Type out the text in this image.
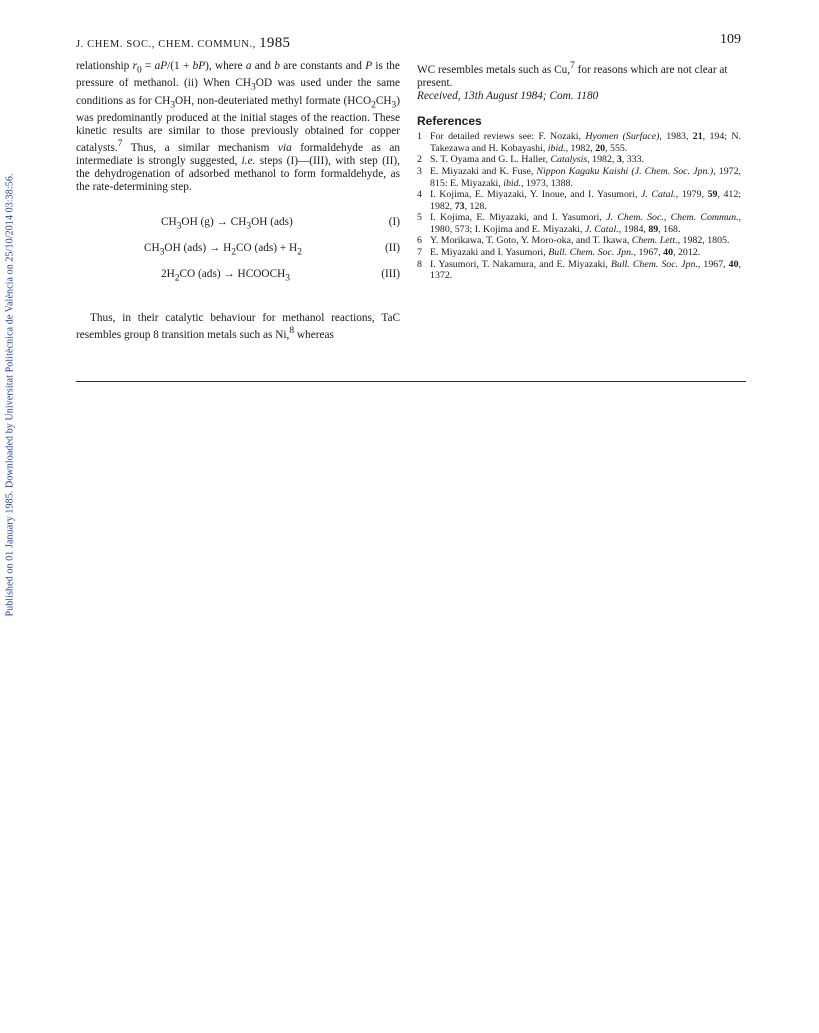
Published on 01 January 1985. Downloaded by Universitat Politècnica de València on 25/10/2014 03:38:56.
J. CHEM. SOC., CHEM. COMMUN., 1985	109

relationship $r_0 = aP/(1 + bP)$, where a and b are constants and P is the pressure of methanol. (ii) When $CH_3OD$ was used under the same conditions as for $CH_3OH$, non-deuteriated methyl formate $(HCO_2CH_3)$ was predominantly produced at the initial stages of the reaction. These kinetic results are similar to those previously obtained for copper catalysts.$^7$ Thus, a similar mechanism via formaldehyde as an intermediate is strongly suggested, i.e. steps (I)—(III), with step (II), the dehydrogenation of adsorbed methanol to form formaldehyde, as the rate-determining step.

$CH_3OH$ $(g) \to CH_3OH$ (ads)	(I)
$CH_3OH$ $(ads) \to H_2CO$ $(ads) + H_2$	(II)
$2H_2CO$ $(ads) \to HCOOCH_3$	(III)

Thus, in their catalytic behaviour for methanol reactions, TaC resembles group 8 transition metals such as Ni,$^8$ whereas

WC resembles metals such as Cu,$^7$ for reasons which are not clear at present.

Received, 13th August 1984; Com. 1180

References
1 For detailed reviews see: F. Nozaki, Hyomen (Surface), 1983, 21, 194; N. Takezawa and H. Kobayashi, ibid., 1982, 20, 555.
2 S. T. Oyama and G. L. Haller, Catalysis, 1982, 3, 333.
3 E. Miyazaki and K. Fuse, Nippon Kagaku Kaishi (J. Chem. Soc. Jpn.), 1972, 815: E. Miyazaki, ibid., 1973, 1388.
4 I. Kojima, E. Miyazaki, Y. Inoue, and I. Yasumori, J. Catal., 1979, 59, 412; 1982, 73, 128.
5 I. Kojima, E. Miyazaki, and I. Yasumori, J. Chem. Soc., Chem. Commun., 1980, 573; I. Kojima and E. Miyazaki, J. Catal., 1984, 89, 168.
6 Y. Morikawa, T. Goto, Y. Moro-oka, and T. Ikawa, Chem. Lett., 1982, 1805.
7 E. Miyazaki and I. Yasumori, Bull. Chem. Soc. Jpn., 1967, 40, 2012.
8 I. Yasumori, T. Nakamura, and E. Miyazaki, Bull. Chem. Soc. Jpn., 1967, 40, 1372.
